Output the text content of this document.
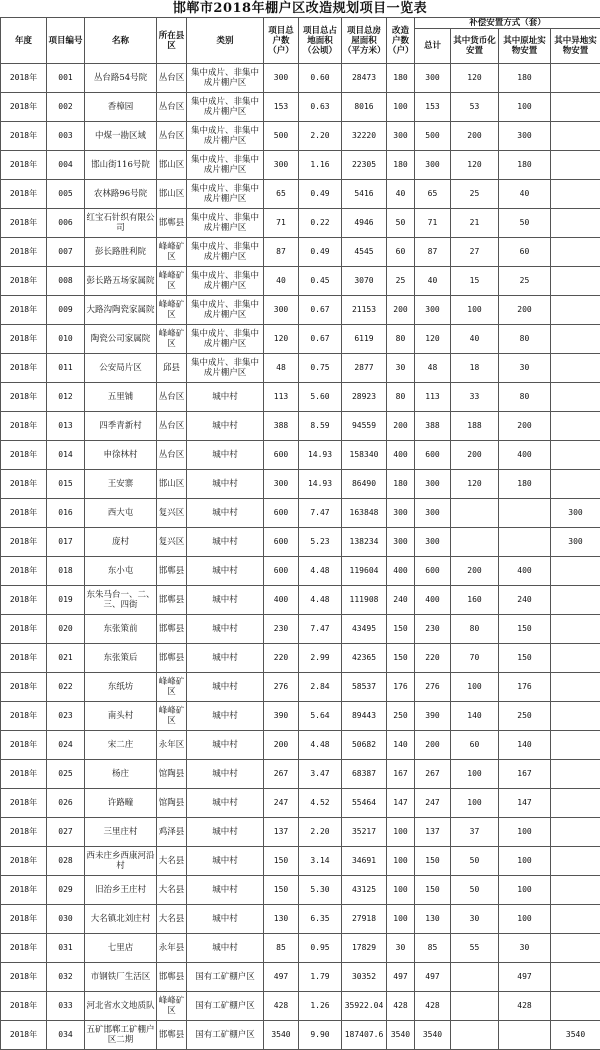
邯郸市2018年棚户区改造规划项目一览表
年度	项目编号	名称	所在县区	类别	项目总户数（户）	项目总占地面积（公顷）	项目总房屋面积（平方米）	改造户数（户）	补偿安置方式（套）			
									总计	其中货币化安置	其中原址实物安置	其中异地实物安置
2018年	001	丛台路54号院	丛台区	集中成片、非集中成片棚户区	300	0.60	28473	180	300	120	180	
2018年	002	香樟园	丛台区	集中成片、非集中成片棚户区	153	0.63	8016	100	153	53	100	
2018年	003	中煤一勘区域	丛台区	集中成片、非集中成片棚户区	500	2.20	32220	300	500	200	300	
2018年	004	邯山街116号院	邯山区	集中成片、非集中成片棚户区	300	1.16	22305	180	300	120	180	
2018年	005	农林路96号院	邯山区	集中成片、非集中成片棚户区	65	0.49	5416	40	65	25	40	
2018年	006	红宝石针织有限公司	邯郸县	集中成片、非集中成片棚户区	71	0.22	4946	50	71	21	50	
2018年	007	彭长路胜利院	峰峰矿区	集中成片、非集中成片棚户区	87	0.49	4545	60	87	27	60	
2018年	008	彭长路五场家属院	峰峰矿区	集中成片、非集中成片棚户区	40	0.45	3070	25	40	15	25	
2018年	009	大路沟陶瓷家属院	峰峰矿区	集中成片、非集中成片棚户区	300	0.67	21153	200	300	100	200	
2018年	010	陶瓷公司家属院	峰峰矿区	集中成片、非集中成片棚户区	120	0.67	6119	80	120	40	80	
2018年	011	公安局片区	邱县	集中成片、非集中成片棚户区	48	0.75	2877	30	48	18	30	
2018年	012	五里铺	丛台区	城中村	113	5.60	28923	80	113	33	80	
2018年	013	四季青新村	丛台区	城中村	388	8.59	94559	200	388	188	200	
2018年	014	申徐林村	丛台区	城中村	600	14.93	158340	400	600	200	400	
2018年	015	王安寨	邯山区	城中村	300	14.93	86490	180	300	120	180	
2018年	016	西大屯	复兴区	城中村	600	7.47	163848	300	300			300
2018年	017	庞村	复兴区	城中村	600	5.23	138234	300	300			300
2018年	018	东小屯	邯郸县	城中村	600	4.48	119604	400	600	200	400	
2018年	019	东朱马台一、二、三、四街	邯郸县	城中村	400	4.48	111908	240	400	160	240	
2018年	020	东张策前	邯郸县	城中村	230	7.47	43495	150	230	80	150	
2018年	021	东张策后	邯郸县	城中村	220	2.99	42365	150	220	70	150	
2018年	022	东纸坊	峰峰矿区	城中村	276	2.84	58537	176	276	100	176	
2018年	023	南头村	峰峰矿区	城中村	390	5.64	89443	250	390	140	250	
2018年	024	宋二庄	永年区	城中村	200	4.48	50682	140	200	60	140	
2018年	025	杨庄	馆陶县	城中村	267	3.47	68387	167	267	100	167	
2018年	026	许路疃	馆陶县	城中村	247	4.52	55464	147	247	100	147	
2018年	027	三里庄村	鸡泽县	城中村	137	2.20	35217	100	137	37	100	
2018年	028	西未庄乡西康河沿村	大名县	城中村	150	3.14	34691	100	150	50	100	
2018年	029	旧治乡王庄村	大名县	城中村	150	5.30	43125	100	150	50	100	
2018年	030	大名镇北刘庄村	大名县	城中村	130	6.35	27918	100	130	30	100	
2018年	031	七里店	永年县	城中村	85	0.95	17829	30	85	55	30	
2018年	032	市钢铁厂生活区	邯郸县	国有工矿棚户区	497	1.79	30352	497	497		497	
2018年	033	河北省水文地质队	峰峰矿区	国有工矿棚户区	428	1.26	35922.04	428	428		428	
2018年	034	五矿邯郸工矿棚户区二期	邯郸县	国有工矿棚户区	3540	9.90	187407.6	3540	3540			3540
